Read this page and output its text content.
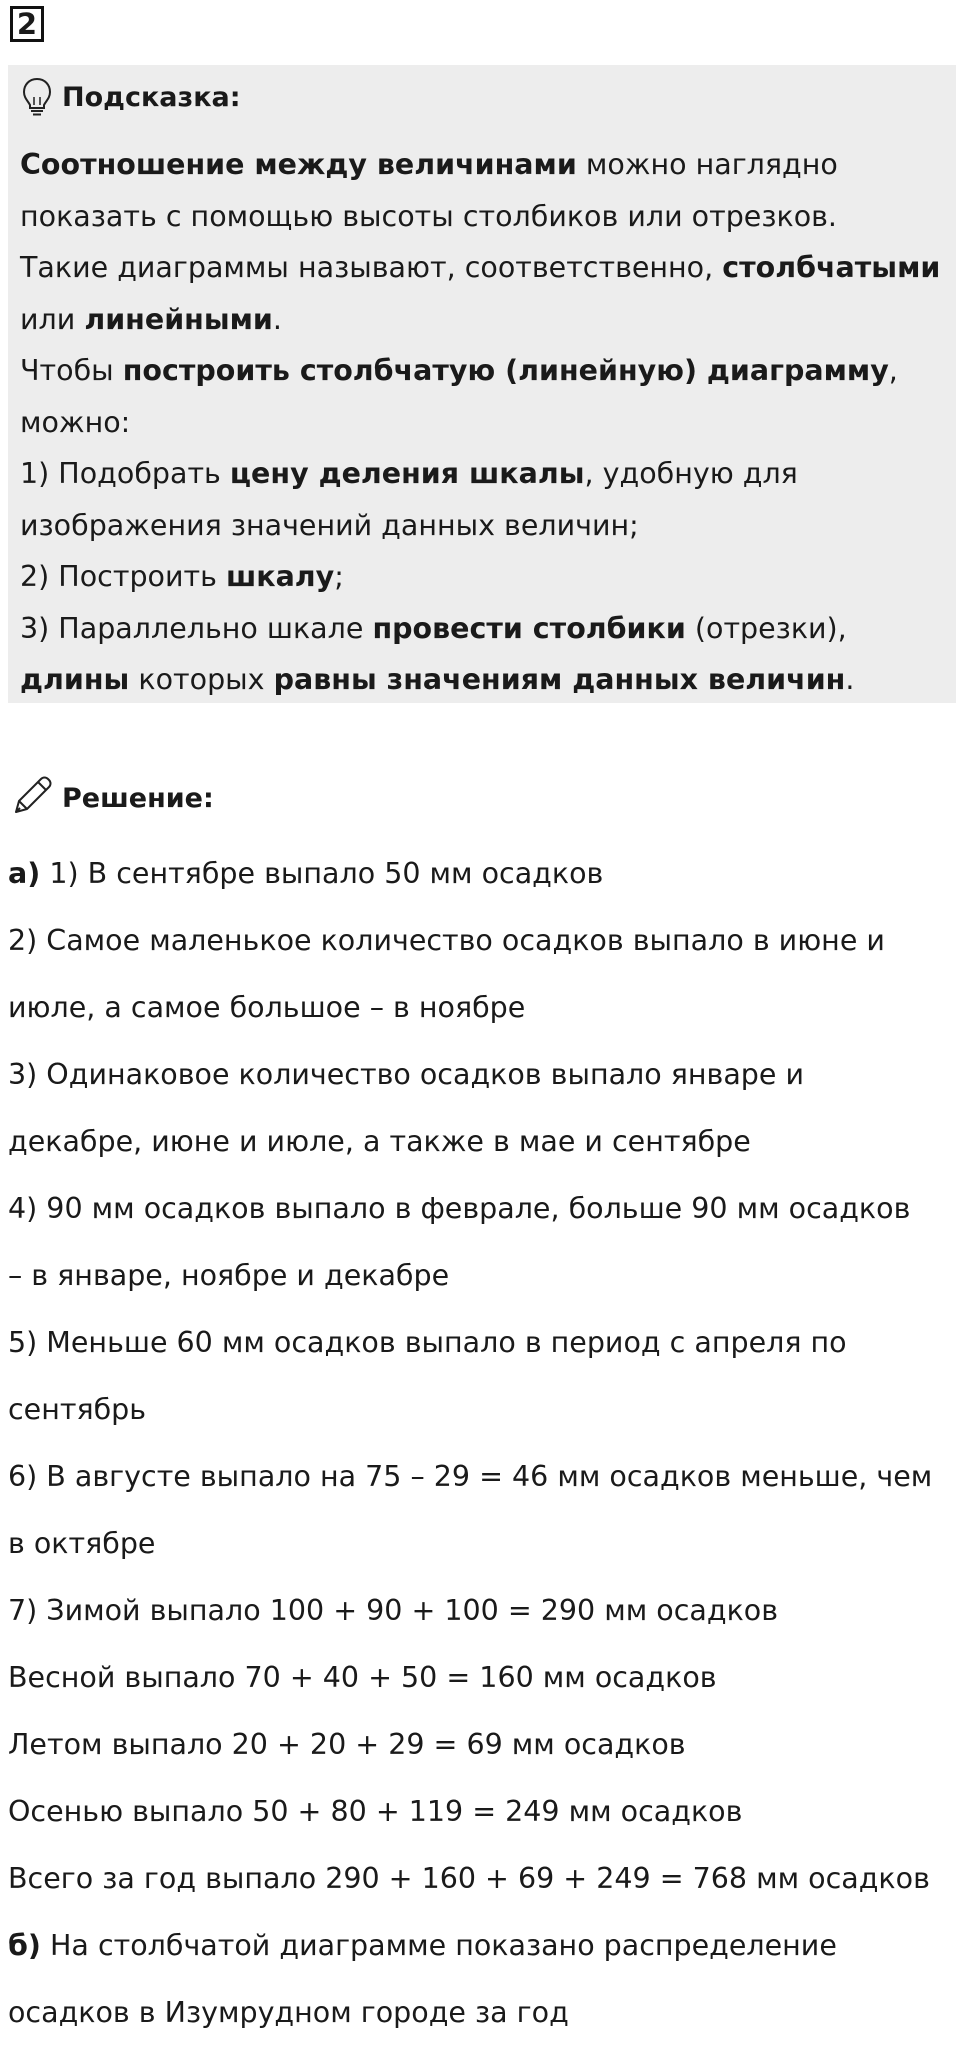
2
Подсказка:

Соотношение между величинами можно наглядно

показать с помощью высоты столбиков или отрезков.

Такие диаграммы называют, соответственно, столбчатыми

или линейными.

Чтобы построить столбчатую (линейную) диаграмму,

можно:

1) Подобрать цену деления шкалы, удобную для

изображения значений данных величин;

2) Построить шкалу;

3) Параллельно шкале провести столбики (отрезки),

длины которых равны значениям данных величин.

Решение:

а) 1) В сентябре выпало 50 мм осадков

2) Самое маленькое количество осадков выпало в июне и

июле, а самое большое – в ноябре

3) Одинаковое количество осадков выпало январе и

декабре, июне и июле, а также в мае и сентябре

4) 90 мм осадков выпало в феврале, больше 90 мм осадков

– в январе, ноябре и декабре

5) Меньше 60 мм осадков выпало в период с апреля по

сентябрь

6) В августе выпало на 75 – 29 = 46 мм осадков меньше, чем

в октябре

7) Зимой выпало 100 + 90 + 100 = 290 мм осадков

Весной выпало 70 + 40 + 50 = 160 мм осадков

Летом выпало 20 + 20 + 29 = 69 мм осадков

Осенью выпало 50 + 80 + 119 = 249 мм осадков

Всего за год выпало 290 + 160 + 69 + 249 = 768 мм осадков

б) На столбчатой диаграмме показано распределение

осадков в Изумрудном городе за год
